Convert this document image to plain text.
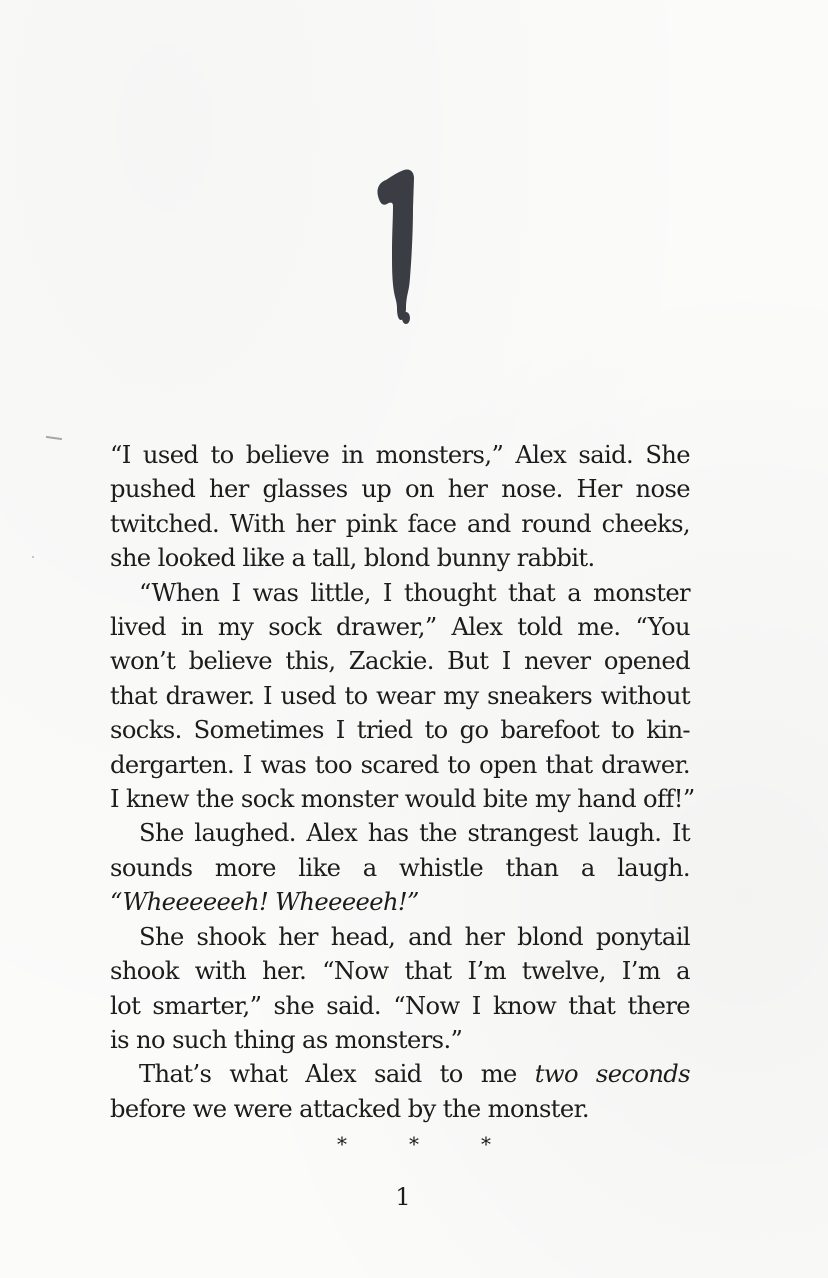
“I used to believe in monsters,” Alex said. She
pushed her glasses up on her nose. Her nose
twitched. With her pink face and round cheeks,
she looked like a tall, blond bunny rabbit.

“When I was little, I thought that a monster
lived in my sock drawer,” Alex told me. “You
won’t believe this, Zackie. But I never opened
that drawer. I used to wear my sneakers without
socks. Sometimes I tried to go barefoot to kin-
dergarten. I was too scared to open that drawer.
I knew the sock monster would bite my hand off!”

She laughed. Alex has the strangest laugh. It
sounds more like a whistle than a laugh.
“Wheeeeeeh! Wheeeeeh!”

She shook her head, and her blond ponytail
shook with her. “Now that I’m twelve, I’m a
lot smarter,” she said. “Now I know that there
is no such thing as monsters.”

That’s what Alex said to me two seconds
before we were attacked by the monster.

*	*	*
1
